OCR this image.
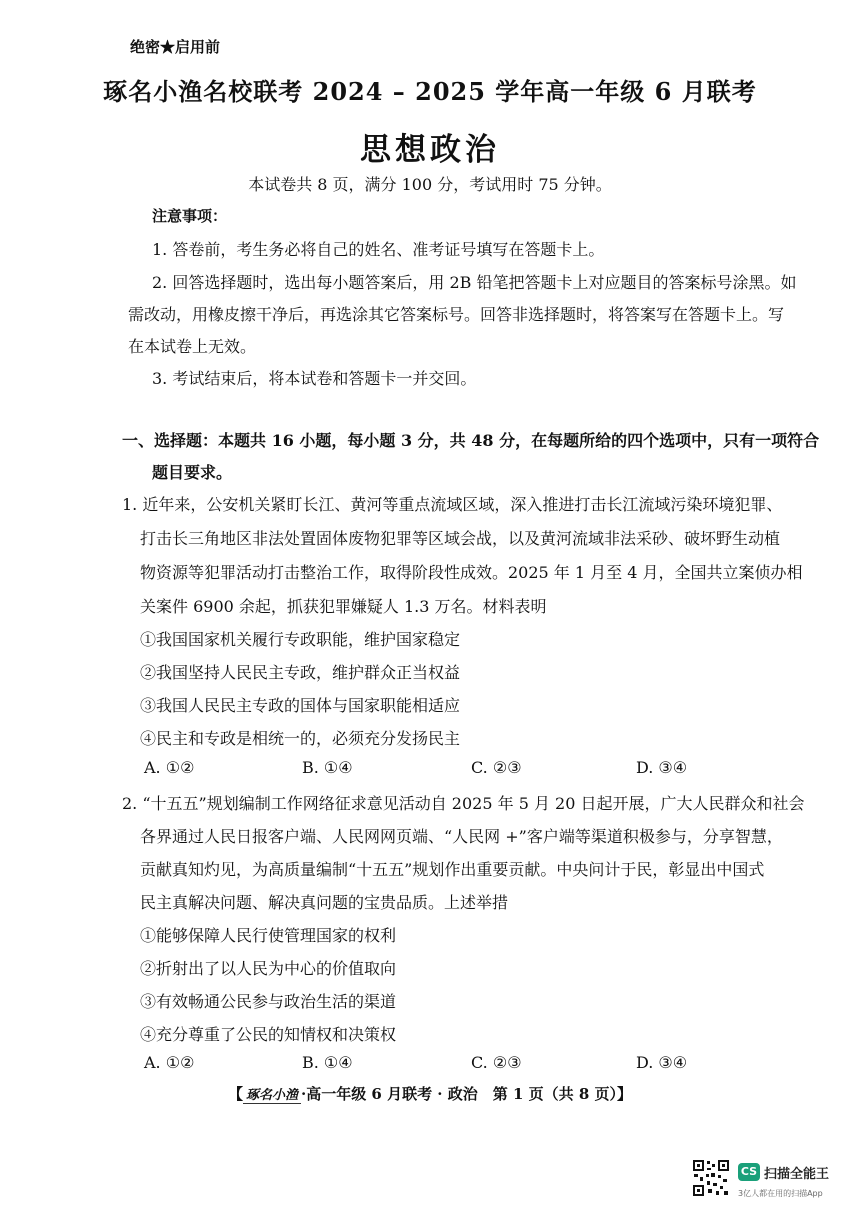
绝密★启用前
琢名小渔名校联考 2024 – 2025 学年高一年级 6 月联考
思想政治
本试卷共 8 页，满分 100 分，考试用时 75 分钟。
注意事项：
1. 答卷前，考生务必将自己的姓名、准考证号填写在答题卡上。
2. 回答选择题时，选出每小题答案后，用 2B 铅笔把答题卡上对应题目的答案标号涂黑。如
需改动，用橡皮擦干净后，再选涂其它答案标号。回答非选择题时，将答案写在答题卡上。写
在本试卷上无效。
3. 考试结束后，将本试卷和答题卡一并交回。
一、选择题：本题共 16 小题，每小题 3 分，共 48 分，在每题所给的四个选项中，只有一项符合
题目要求。
1. 近年来，公安机关紧盯长江、黄河等重点流域区域，深入推进打击长江流域污染环境犯罪、
打击长三角地区非法处置固体废物犯罪等区域会战，以及黄河流域非法采砂、破坏野生动植
物资源等犯罪活动打击整治工作，取得阶段性成效。2025 年 1 月至 4 月，全国共立案侦办相
关案件 6900 余起，抓获犯罪嫌疑人 1.3 万名。材料表明
①我国国家机关履行专政职能，维护国家稳定
②我国坚持人民民主专政，维护群众正当权益
③我国人民民主专政的国体与国家职能相适应
④民主和专政是相统一的，必须充分发扬民主
A. ①②	B. ①④	C. ②③	D. ③④
2. “十五五”规划编制工作网络征求意见活动自 2025 年 5 月 20 日起开展，广大人民群众和社会
各界通过人民日报客户端、人民网网页端、“人民网 +”客户端等渠道积极参与，分享智慧，
贡献真知灼见，为高质量编制“十五五”规划作出重要贡献。中央问计于民，彰显出中国式
民主真解决问题、解决真问题的宝贵品质。上述举措
①能够保障人民行使管理国家的权利
②折射出了以人民为中心的价值取向
③有效畅通公民参与政治生活的渠道
④充分尊重了公民的知情权和决策权
A. ①②	B. ①④	C. ②③	D. ③④
【 琢名小渔 ·高一年级 6 月联考 · 政治　第 1 页（共 8 页）】
CS 扫描全能王
3亿人都在用的扫描App
